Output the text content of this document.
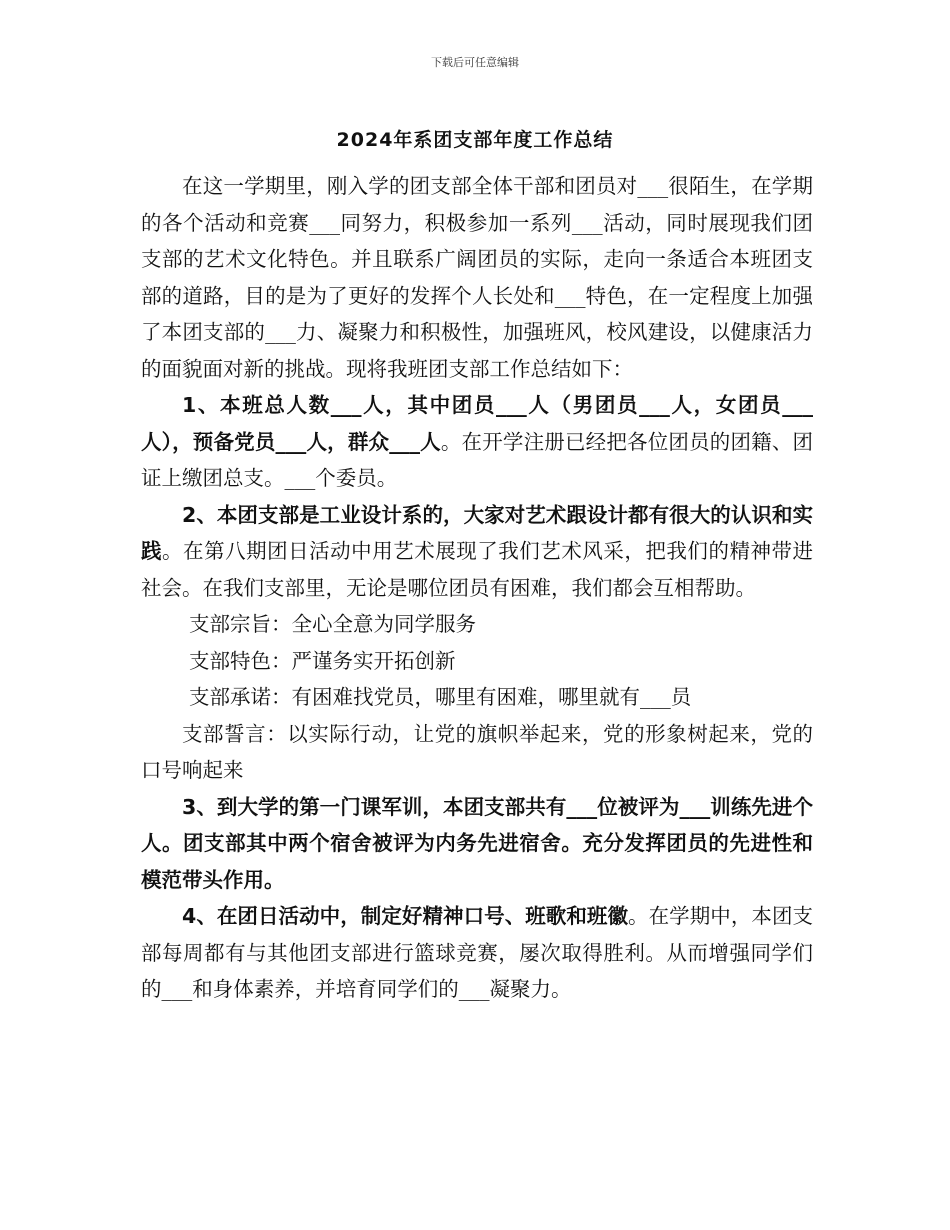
下载后可任意编辑
2024年系团支部年度工作总结

在这一学期里，刚入学的团支部全体干部和团员对___很陌生，在学期的各个活动和竞赛___同努力，积极参加一系列___活动，同时展现我们团支部的艺术文化特色。并且联系广阔团员的实际，走向一条适合本班团支部的道路，目的是为了更好的发挥个人长处和___特色，在一定程度上加强了本团支部的___力、凝聚力和积极性，加强班风，校风建设，以健康活力的面貌面对新的挑战。现将我班团支部工作总结如下：

1、本班总人数___人，其中团员___人（男团员___人，女团员___人），预备党员___人，群众___人。在开学注册已经把各位团员的团籍、团证上缴团总支。___个委员。

2、本团支部是工业设计系的，大家对艺术跟设计都有很大的认识和实践。在第八期团日活动中用艺术展现了我们艺术风采，把我们的精神带进社会。在我们支部里，无论是哪位团员有困难，我们都会互相帮助。

支部宗旨：全心全意为同学服务

支部特色：严谨务实开拓创新

支部承诺：有困难找党员，哪里有困难，哪里就有___员

支部誓言：以实际行动，让党的旗帜举起来，党的形象树起来，党的口号响起来

3、到大学的第一门课军训，本团支部共有___位被评为___训练先进个人。团支部其中两个宿舍被评为内务先进宿舍。充分发挥团员的先进性和模范带头作用。

4、在团日活动中，制定好精神口号、班歌和班徽。在学期中，本团支部每周都有与其他团支部进行篮球竞赛，屡次取得胜利。从而增强同学们的___和身体素养，并培育同学们的___凝聚力。
